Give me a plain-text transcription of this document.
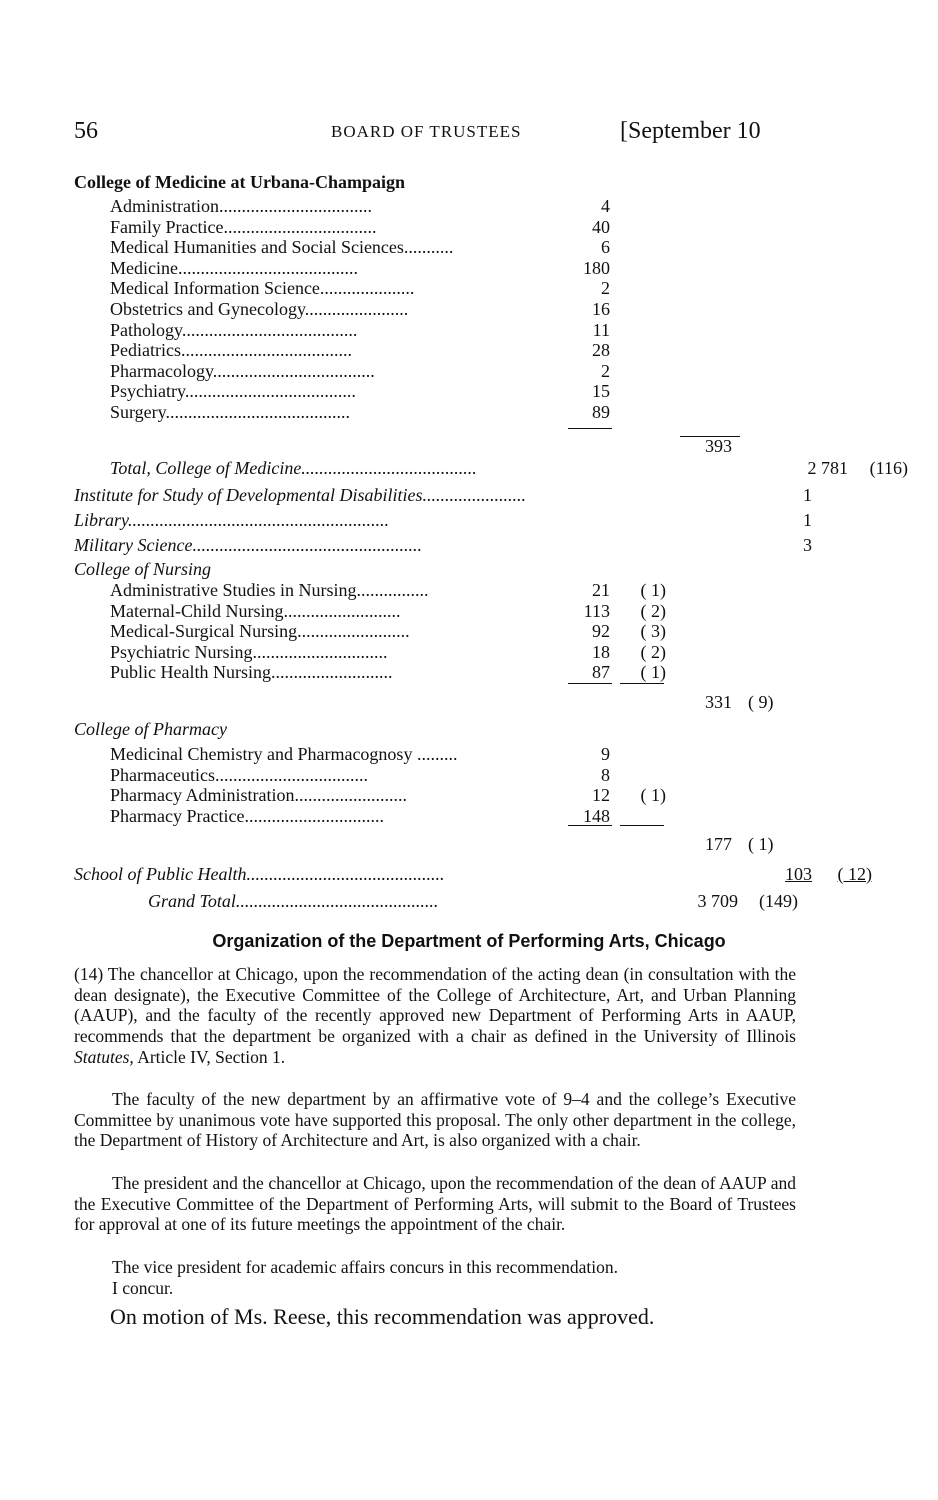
56	BOARD OF TRUSTEES	[September 10
College of Medicine at Urbana-Champaign
Administration..................................	4
Family Practice..................................	40
Medical Humanities and Social Sciences...........	6
Medicine........................................	180
Medical Information Science.....................	2
Obstetrics and Gynecology.......................	16
Pathology.......................................	11
Pediatrics......................................	28
Pharmacology....................................	2
Psychiatry......................................	15
Surgery.........................................	89
393
Total, College of Medicine.......................................	2 781	(116)
Institute for Study of Developmental Disabilities.......................	1
Library..........................................................	1
Military Science...................................................	3
College of Nursing
Administrative Studies in Nursing................	21	( 1)
Maternal-Child Nursing..........................	113	( 2)
Medical-Surgical Nursing.........................	92	( 3)
Psychiatric Nursing..............................	18	( 2)
Public Health Nursing...........................	87	( 1)
331 ( 9)
College of Pharmacy
Medicinal Chemistry and Pharmacognosy .........	9
Pharmaceutics..................................	8
Pharmacy Administration.........................	12	( 1)
Pharmacy Practice...............................	148
177 ( 1)
School of Public Health............................................	103	( 12)
Grand Total.............................................	3 709	(149)
Organization of the Department of Performing Arts, Chicago
(14) The chancellor at Chicago, upon the recommendation of the acting dean (in consultation with the dean designate), the Executive Committee of the College of Architecture, Art, and Urban Planning (AAUP), and the faculty of the recently approved new Department of Performing Arts in AAUP, recommends that the department be organized with a chair as defined in the University of Illinois Statutes, Article IV, Section 1.
The faculty of the new department by an affirmative vote of 9–4 and the college’s Executive Committee by unanimous vote have supported this proposal. The only other department in the college, the Department of History of Architecture and Art, is also organized with a chair.
The president and the chancellor at Chicago, upon the recommendation of the dean of AAUP and the Executive Committee of the Department of Performing Arts, will submit to the Board of Trustees for approval at one of its future meetings the appointment of the chair.
The vice president for academic affairs concurs in this recommendation.
I concur.
On motion of Ms. Reese, this recommendation was approved.
